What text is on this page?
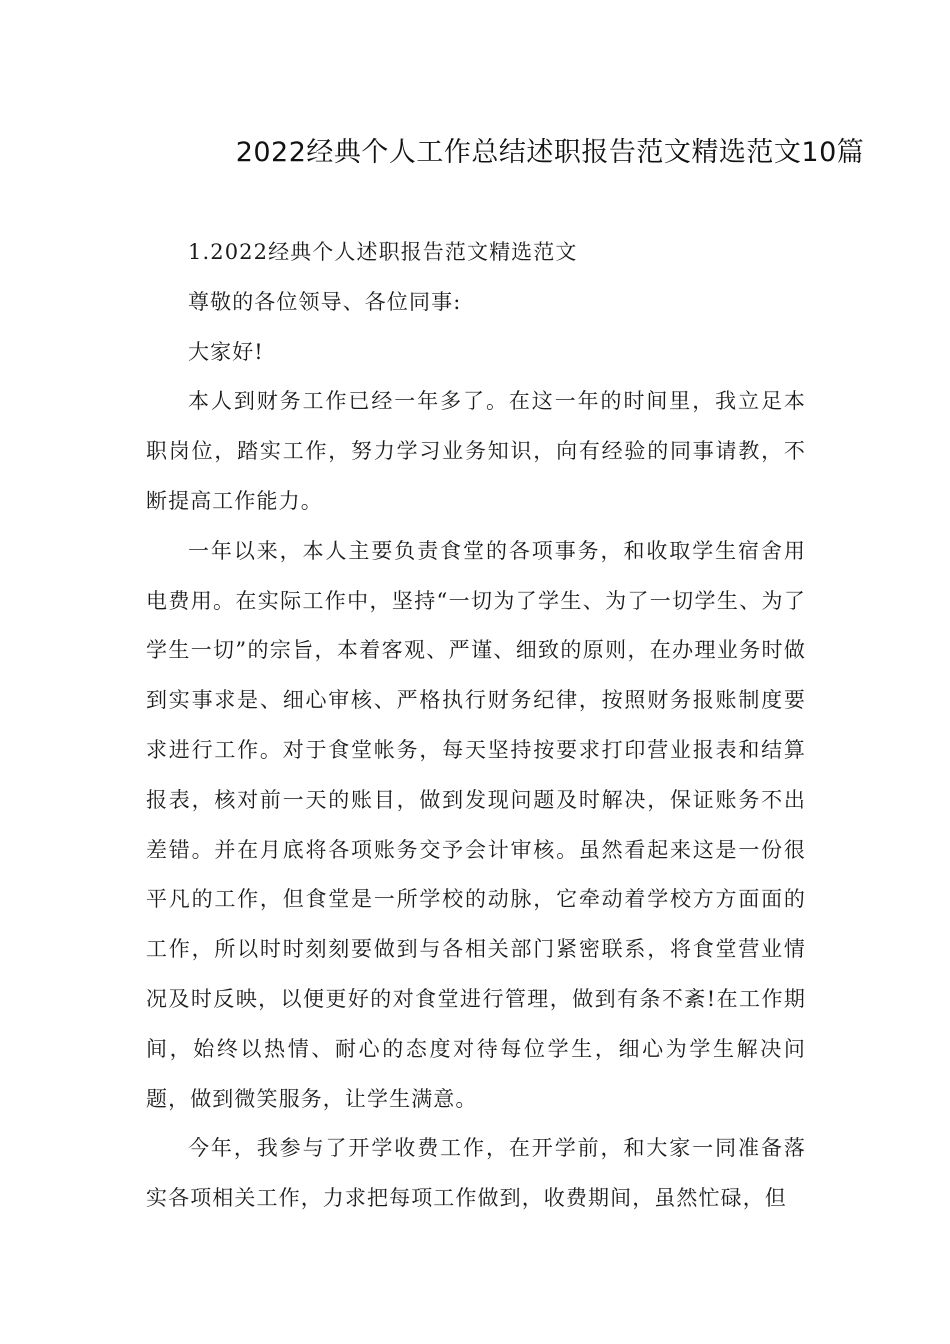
2022经典个人工作总结述职报告范文精选范文10篇

1.2022经典个人述职报告范文精选范文

尊敬的各位领导、各位同事:

大家好!

本人到财务工作已经一年多了。在这一年的时间里，我立足本职岗位，踏实工作，努力学习业务知识，向有经验的同事请教，不断提高工作能力。

一年以来，本人主要负责食堂的各项事务，和收取学生宿舍用电费用。在实际工作中，坚持“一切为了学生、为了一切学生、为了学生一切”的宗旨，本着客观、严谨、细致的原则，在办理业务时做到实事求是、细心审核、严格执行财务纪律，按照财务报账制度要求进行工作。对于食堂帐务，每天坚持按要求打印营业报表和结算报表，核对前一天的账目，做到发现问题及时解决，保证账务不出差错。并在月底将各项账务交予会计审核。虽然看起来这是一份很平凡的工作，但食堂是一所学校的动脉，它牵动着学校方方面面的工作，所以时时刻刻要做到与各相关部门紧密联系，将食堂营业情况及时反映，以便更好的对食堂进行管理，做到有条不紊!在工作期间，始终以热情、耐心的态度对待每位学生，细心为学生解决问题，做到微笑服务，让学生满意。

今年，我参与了开学收费工作，在开学前，和大家一同准备落实各项相关工作，力求把每项工作做到，收费期间，虽然忙碌，但
